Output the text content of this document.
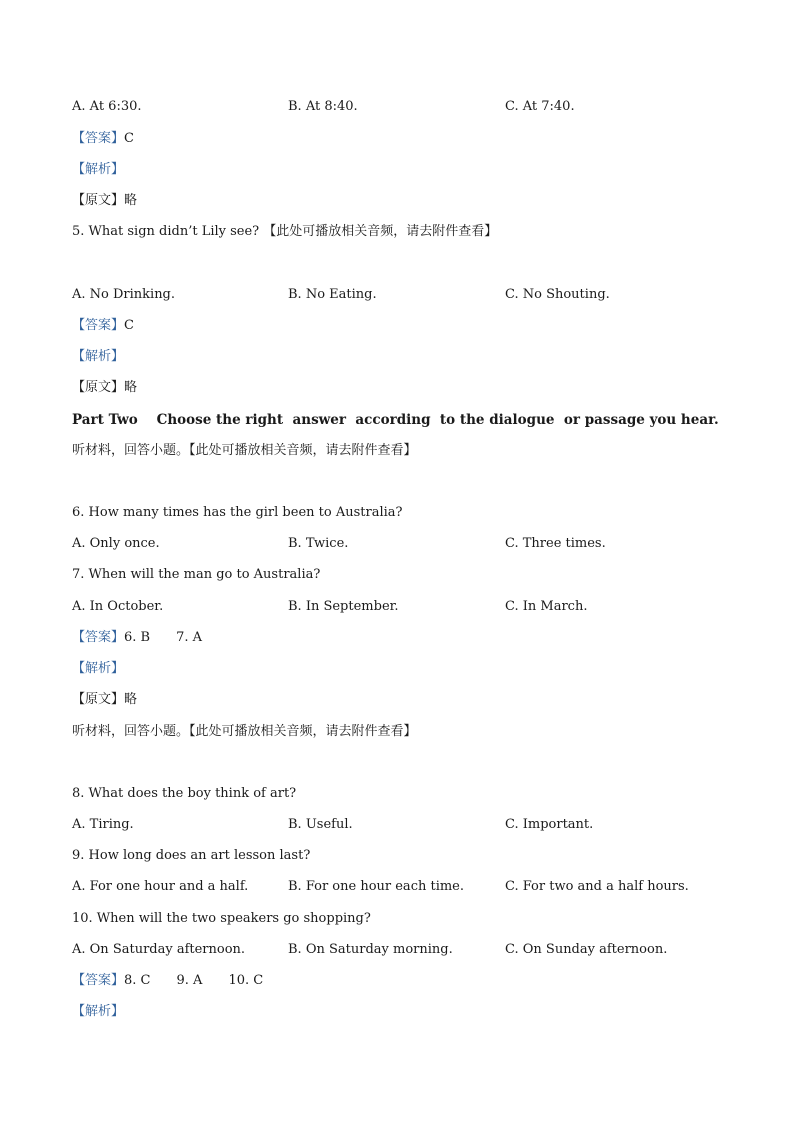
A. At 6:30.	B. At 8:40.	C. At 7:40.
【答案】C
【解析】
【原文】略
5. What sign didn’t Lily see? 【此处可播放相关音频，请去附件查看】
A. No Drinking.	B. No Eating.	C. No Shouting.
【答案】C
【解析】
【原文】略
Part Two    Choose the right  answer  according  to the dialogue  or passage you hear.
听材料，回答小题。【此处可播放相关音频，请去附件查看】
6. How many times has the girl been to Australia?
A. Only once.	B. Twice.	C. Three times.
7. When will the man go to Australia?
A. In October.	B. In September.	C. In March.
【答案】6. B 7. A
【解析】
【原文】略
听材料，回答小题。【此处可播放相关音频，请去附件查看】
8. What does the boy think of art?
A. Tiring.	B. Useful.	C. Important.
9. How long does an art lesson last?
A. For one hour and a half.	B. For one hour each time.	C. For two and a half hours.
10. When will the two speakers go shopping?
A. On Saturday afternoon.	B. On Saturday morning.	C. On Sunday afternoon.
【答案】8. C 9. A 10. C
【解析】
